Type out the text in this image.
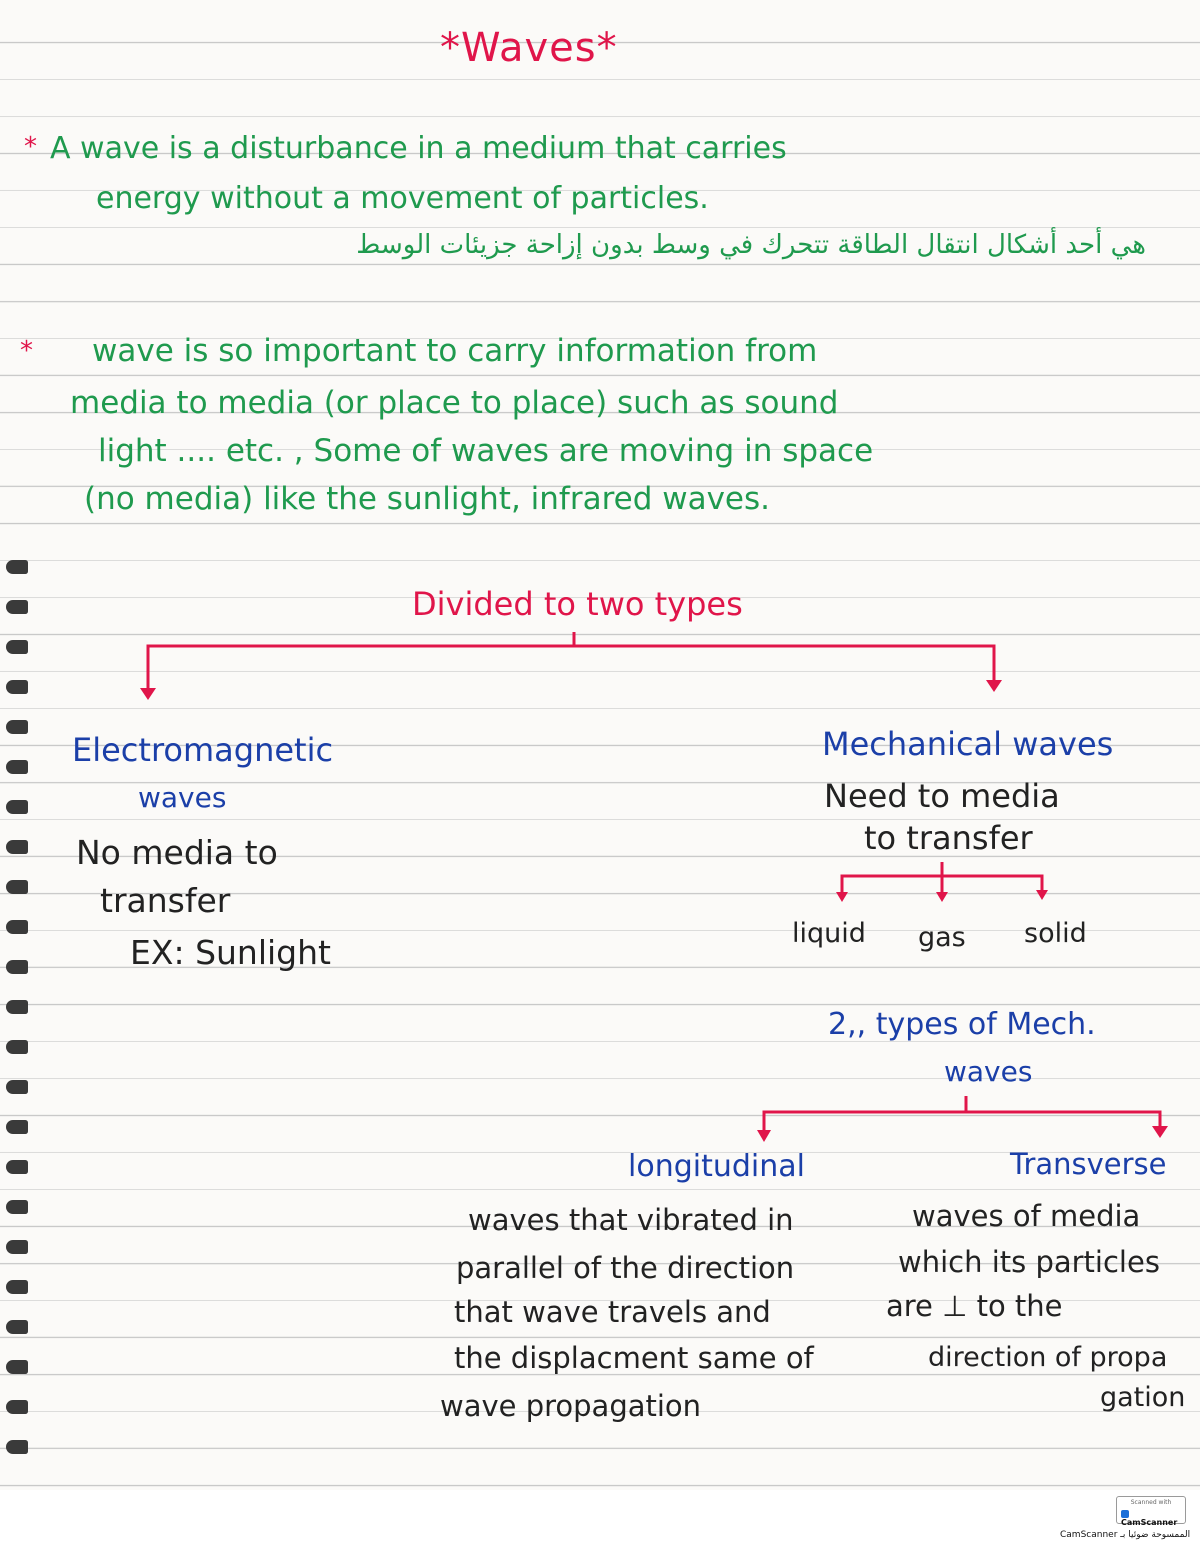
*Waves*
* A wave is a disturbance in a medium that carries
energy without a movement of particles.
هي أحد أشكال انتقال الطاقة تتحرك في وسط بدون إزاحة جزيئات الوسط
* wave is so important to carry information from
media to media (or place to place) such as sound
light .... etc. , Some of waves are moving in space
(no media) like the sunlight, infrared waves.
Divided to two types
Electromagnetic
waves
No media to
transfer
EX: Sunlight
Mechanical waves
Need to media
to transfer
liquid gas solid
2,, types of Mech.
waves
longitudinal
waves that vibrated in
parallel of the direction
that wave travels and
the displacment same of
wave propagation
Transverse
waves of media
which its particles
are ⊥ to the
direction of propa
gation
Scanned with
CamScanner
CamScanner الممسوحة ضوئيا بـ
